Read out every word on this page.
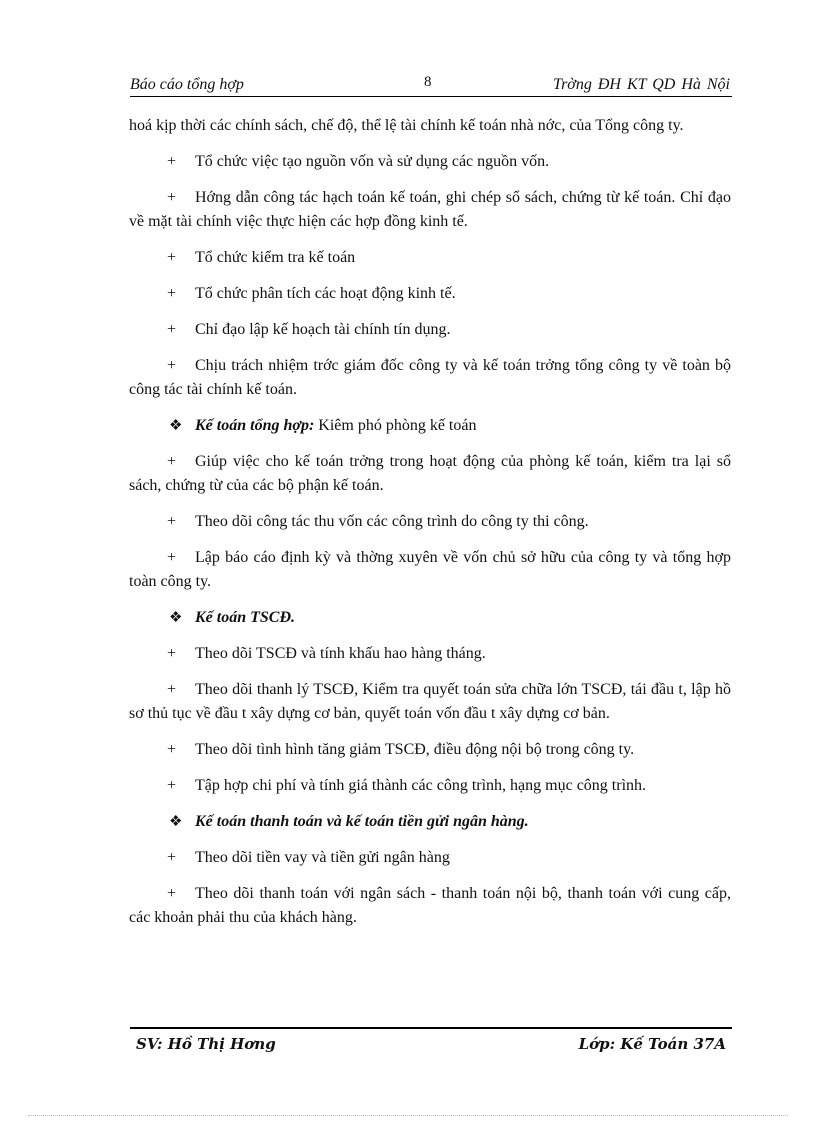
Báo cáo tổng hợp	8	Trờng ĐH KT QD Hà Nội

hoá kịp thời các chính sách, chế độ, thể lệ tài chính kế toán nhà nớc, của Tổng công ty.

+ Tổ chức việc tạo nguồn vốn và sử dụng các nguồn vốn.

+ Hớng dẫn công tác hạch toán kế toán, ghi chép sổ sách, chứng từ kế toán. Chỉ đạo về mặt tài chính việc thực hiện các hợp đồng kinh tế.

+ Tổ chức kiểm tra kế toán

+ Tổ chức phân tích các hoạt động kinh tế.

+ Chỉ đạo lập kế hoạch tài chính tín dụng.

+ Chịu trách nhiệm trớc giám đốc công ty và kế toán trởng tổng công ty về toàn bộ công tác tài chính kế toán.

❖ Kế toán tổng hợp: Kiêm phó phòng kế toán

+ Giúp việc cho kế toán trởng trong hoạt động của phòng kế toán, kiểm tra lại sổ sách, chứng từ của các bộ phận kế toán.

+ Theo dõi công tác thu vốn các công trình do công ty thi công.

+ Lập báo cáo định kỳ và thờng xuyên về vốn chủ sở hữu của công ty và tổng hợp toàn công ty.

❖ Kế toán TSCĐ.

+ Theo dõi TSCĐ và tính khấu hao hàng tháng.

+ Theo dõi thanh lý TSCĐ, Kiểm tra quyết toán sửa chữa lớn TSCĐ, tái đầu t, lập hồ sơ thủ tục về đầu t xây dựng cơ bản, quyết toán vốn đầu t xây dựng cơ bản.

+ Theo dõi tình hình tăng giảm TSCĐ, điều động nội bộ trong công ty.

+ Tập hợp chi phí và tính giá thành các công trình, hạng mục công trình.

❖ Kế toán thanh toán và kế toán tiền gửi ngân hàng.

+ Theo dõi tiền vay và tiền gửi ngân hàng

+ Theo dõi thanh toán với ngân sách - thanh toán nội bộ, thanh toán với cung cấp, các khoản phải thu của khách hàng.

SV: Hồ Thị Hơng	Lớp: Kế Toán 37A
